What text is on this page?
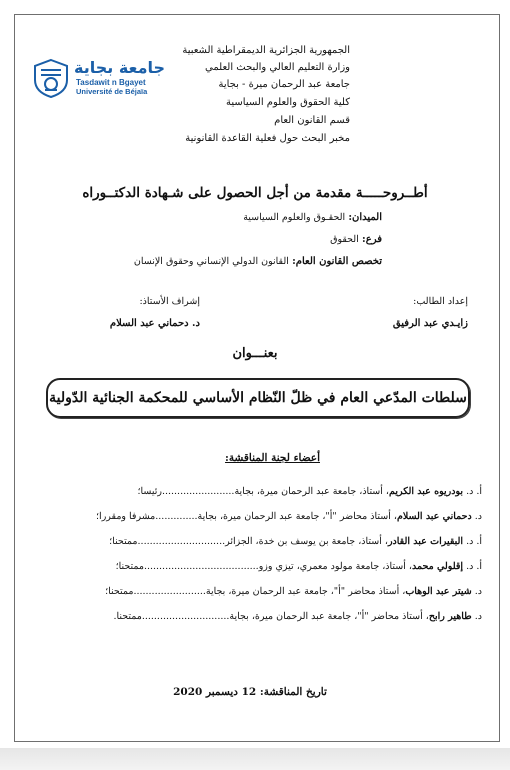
جامعة بجاية
Tasdawit n Bgayet
Université de Béjaïa
الجمهورية الجزائرية الديمقراطية الشعبية
وزارة التعليم العالي والبحث العلمي
جامعة عبد الرحمان ميرة - بجاية
كلية الحقوق والعلوم السياسية
قسم القانون العام
مخبر البحث حول فعلية القاعدة القانونية
أطــروحـــــة مقدمة من أجل الحصول على شـهادة الدكتــوراه
الميدان: الحقـوق والعلوم السياسية
فرع: الحقوق
تخصص القانون العام: القانون الدولي الإنساني وحقوق الإنسان
إعداد الطالب:
زايـدي عبد الرفيق
إشراف الأستاذ:
د. دحماني عبد السلام
بعنـــوان
سلطات المدّعي العام في ظلّ النّظام الأساسي للمحكمة الجنائية الدّولية
أعضاء لجنة المناقشة:
أ. د. بودريوه عبد الكريم، أستاذ، جامعة عبد الرحمان ميرة، بجاية........................رئيسا؛
د. دحماني عبد السلام، أستاذ محاضر "أ"، جامعة عبد الرحمان ميرة، بجاية..............مشرفا ومقررا؛
أ. د. البقيرات عبد القادر، أستاذ، جامعة بن يوسف بن خدة، الجزائر.............................ممتحنا؛
أ. د. إقلولي محمد، أستاذ، جامعة مولود معمري، تيزي وزو......................................ممتحنا؛
د. شيتر عبد الوهاب، أستاذ محاضر "أ"، جامعة عبد الرحمان ميرة، بجاية........................ممتحنا؛
د. طاهير رابح، أستاذ محاضر "أ"، جامعة عبد الرحمان ميرة، بجاية.............................ممتحنا.
تاريخ المناقشة: 12 ديسمبر 2020
